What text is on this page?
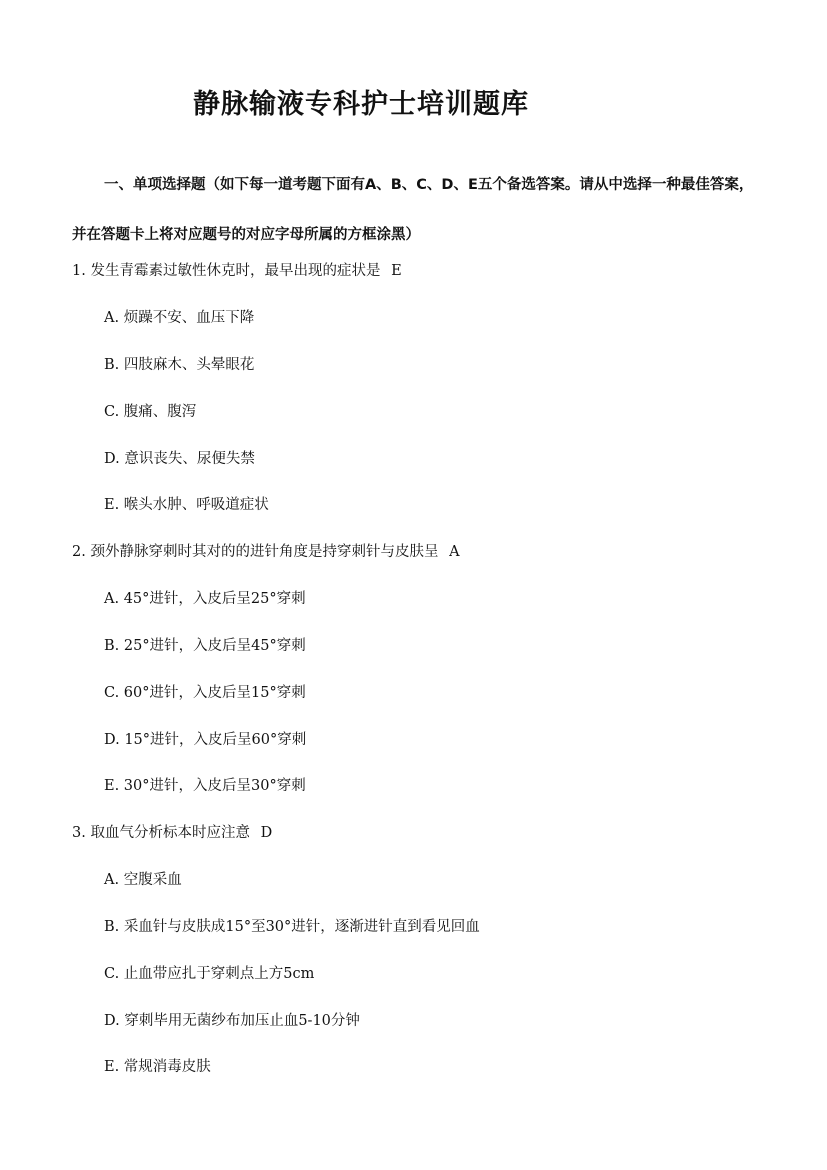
静脉输液专科护士培训题库
一、单项选择题（如下每一道考题下面有A、B、C、D、E五个备选答案。请从中选择一种最佳答案，并在答题卡上将对应题号的对应字母所属的方框涂黑）
1. 发生青霉素过敏性休克时，最早出现的症状是 E
A. 烦躁不安、血压下降
B. 四肢麻木、头晕眼花
C. 腹痛、腹泻
D. 意识丧失、尿便失禁
E. 喉头水肿、呼吸道症状
2. 颈外静脉穿刺时其对的的进针角度是持穿刺针与皮肤呈 A
A. 45°进针，入皮后呈25°穿刺
B. 25°进针，入皮后呈45°穿刺
C. 60°进针，入皮后呈15°穿刺
D. 15°进针，入皮后呈60°穿刺
E. 30°进针，入皮后呈30°穿刺
3. 取血气分析标本时应注意 D
A. 空腹采血
B. 采血针与皮肤成15°至30°进针，逐渐进针直到看见回血
C. 止血带应扎于穿刺点上方5cm
D. 穿刺毕用无菌纱布加压止血5-10分钟
E. 常规消毒皮肤
